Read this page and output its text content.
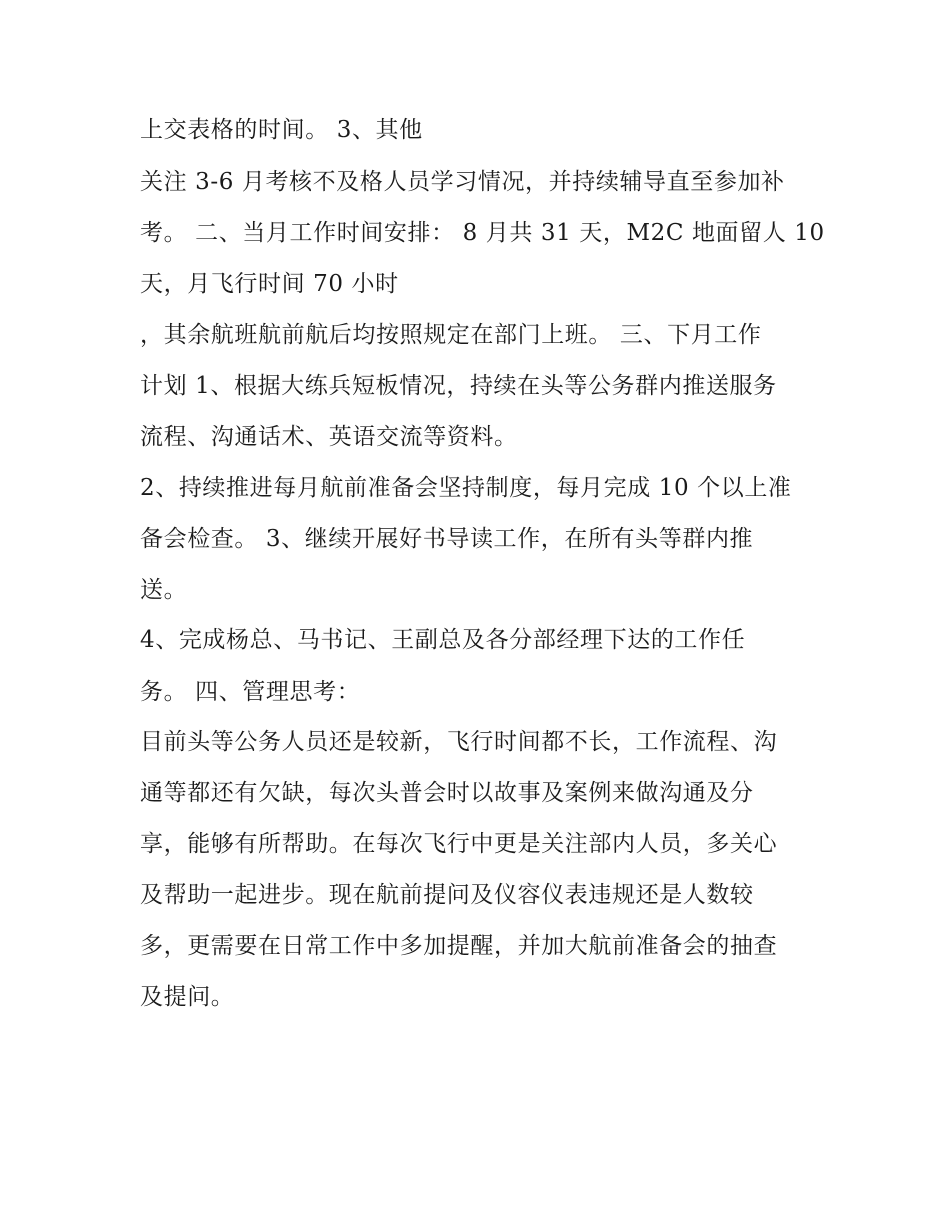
上交表格的时间。 3、其他
关注 3-6 月考核不及格人员学习情况，并持续辅导直至参加补
考。 二、当月工作时间安排： 8 月共 31 天，M2C 地面留人 10
天，月飞行时间 70 小时
，其余航班航前航后均按照规定在部门上班。 三、下月工作
计划 1、根据大练兵短板情况，持续在头等公务群内推送服务
流程、沟通话术、英语交流等资料。
2、持续推进每月航前准备会坚持制度，每月完成 10 个以上准
备会检查。 3、继续开展好书导读工作，在所有头等群内推
送。
4、完成杨总、马书记、王副总及各分部经理下达的工作任
务。 四、管理思考：
目前头等公务人员还是较新，飞行时间都不长，工作流程、沟
通等都还有欠缺，每次头普会时以故事及案例来做沟通及分
享，能够有所帮助。在每次飞行中更是关注部内人员，多关心
及帮助一起进步。现在航前提问及仪容仪表违规还是人数较
多，更需要在日常工作中多加提醒，并加大航前准备会的抽查
及提问。
